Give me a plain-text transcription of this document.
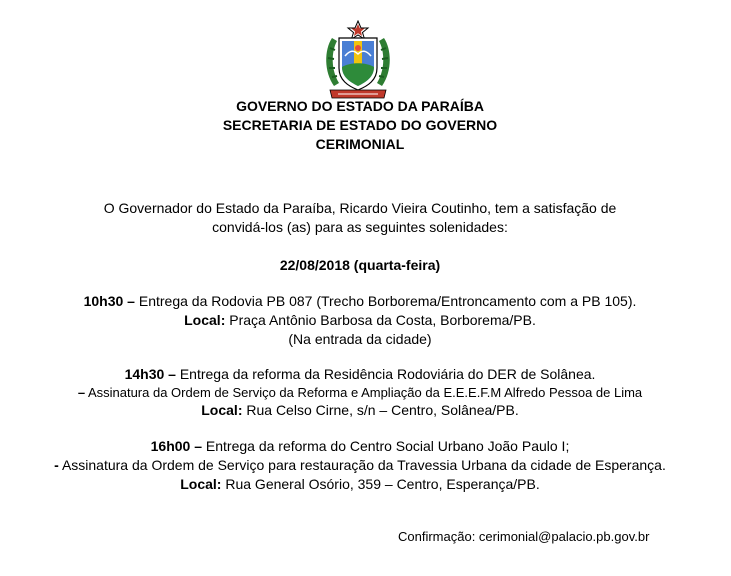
GOVERNO DO ESTADO DA PARAÍBA
SECRETARIA DE ESTADO DO GOVERNO
CERIMONIAL
O Governador do Estado da Paraíba, Ricardo Vieira Coutinho, tem a satisfação de
convidá-los (as) para as seguintes solenidades:
22/08/2018 (quarta-feira)
10h30 – Entrega da Rodovia PB 087 (Trecho Borborema/Entroncamento com a PB 105).
Local: Praça Antônio Barbosa da Costa, Borborema/PB.
(Na entrada da cidade)
14h30 – Entrega da reforma da Residência Rodoviária do DER de Solânea.
– Assinatura da Ordem de Serviço da Reforma e Ampliação da E.E.E.F.M Alfredo Pessoa de Lima
Local: Rua Celso Cirne, s/n – Centro, Solânea/PB.
16h00 – Entrega da reforma do Centro Social Urbano João Paulo I;
- Assinatura da Ordem de Serviço para restauração da Travessia Urbana da cidade de Esperança.
Local: Rua General Osório, 359 – Centro, Esperança/PB.
Confirmação: cerimonial@palacio.pb.gov.br
